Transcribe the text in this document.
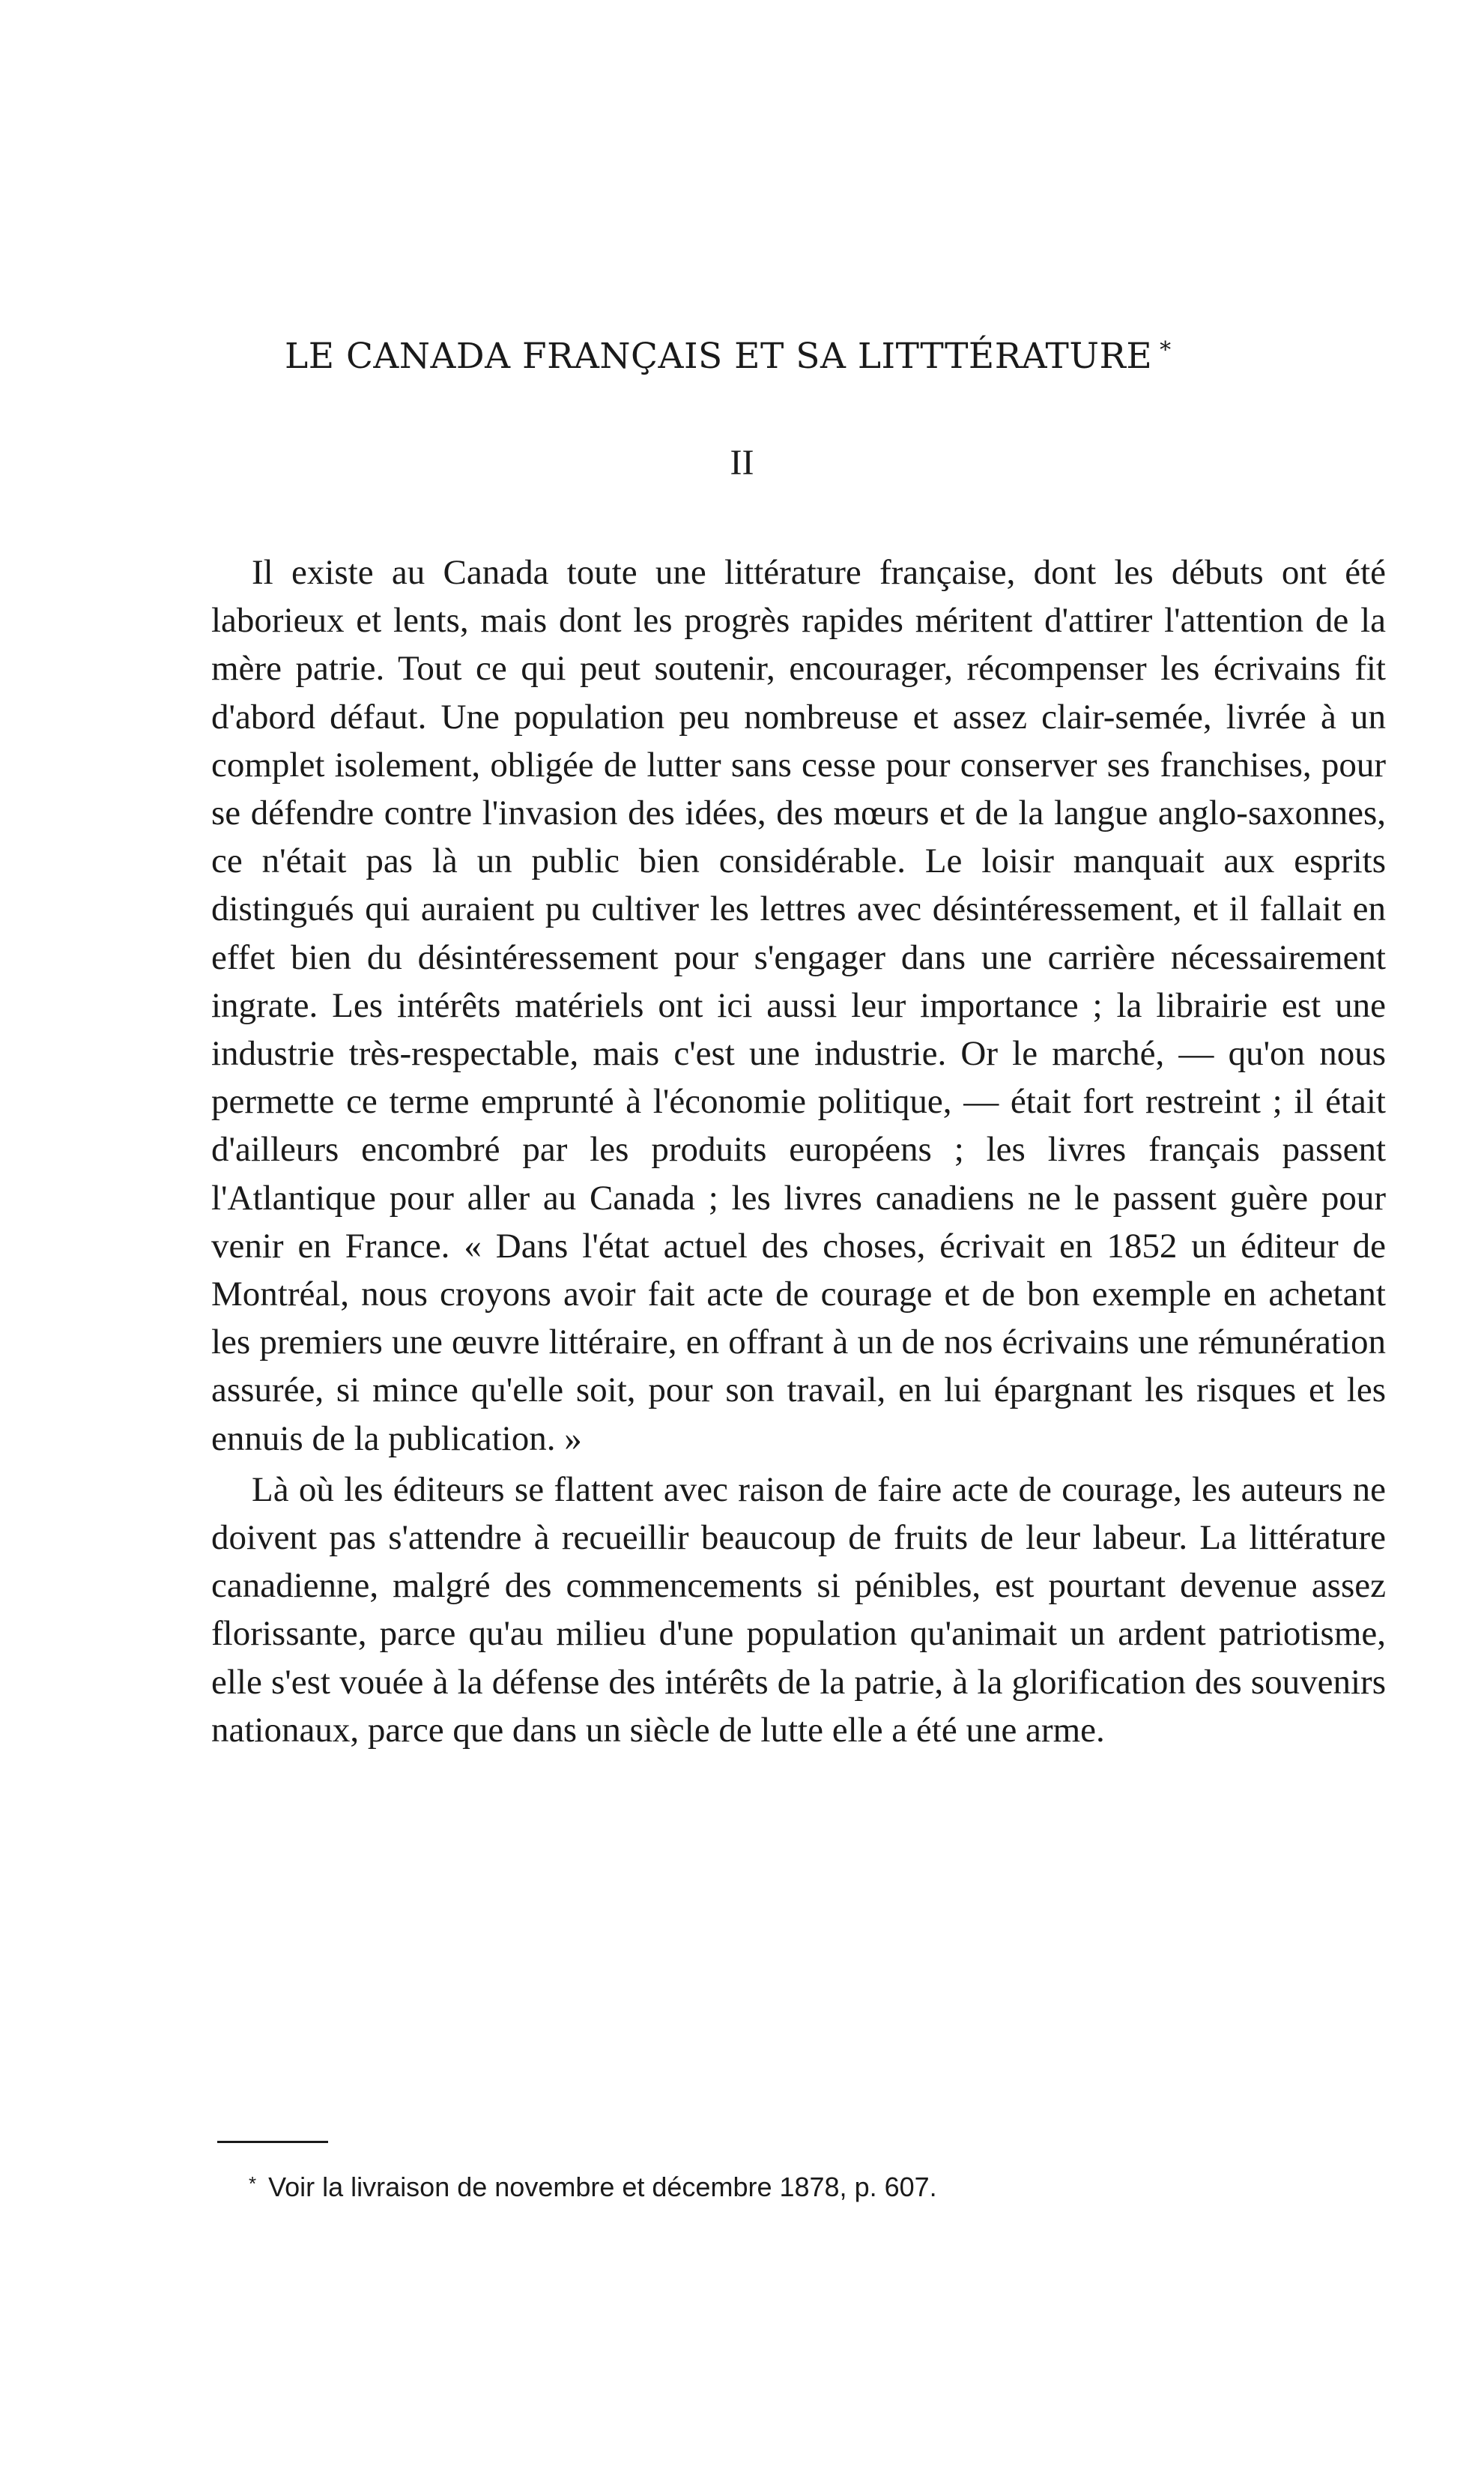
LE CANADA FRANÇAIS ET SA LITTTÉRATURE *
II

Il existe au Canada toute une littérature française, dont les débuts ont été laborieux et lents, mais dont les progrès rapides méritent d'attirer l'attention de la mère patrie. Tout ce qui peut soutenir, encourager, récompenser les écrivains fit d'abord défaut. Une population peu nombreuse et assez clair-semée, livrée à un complet isolement, obligée de lutter sans cesse pour conserver ses franchises, pour se défendre contre l'invasion des idées, des mœurs et de la langue anglo-saxonnes, ce n'était pas là un public bien considérable. Le loisir manquait aux esprits distingués qui auraient pu cultiver les lettres avec désintéressement, et il fallait en effet bien du désintéressement pour s'engager dans une carrière nécessairement ingrate. Les intérêts matériels ont ici aussi leur importance ; la librairie est une industrie très-respectable, mais c'est une industrie. Or le marché, — qu'on nous permette ce terme emprunté à l'économie politique, — était fort restreint ; il était d'ailleurs encombré par les produits européens ; les livres français passent l'Atlantique pour aller au Canada ; les livres canadiens ne le passent guère pour venir en France. « Dans l'état actuel des choses, écrivait en 1852 un éditeur de Montréal, nous croyons avoir fait acte de courage et de bon exemple en achetant les premiers une œuvre littéraire, en offrant à un de nos écrivains une rémunération assurée, si mince qu'elle soit, pour son travail, en lui épargnant les risques et les ennuis de la publication. »

Là où les éditeurs se flattent avec raison de faire acte de courage, les auteurs ne doivent pas s'attendre à recueillir beaucoup de fruits de leur labeur. La littérature canadienne, malgré des commencements si pénibles, est pourtant devenue assez florissante, parce qu'au milieu d'une population qu'animait un ardent patriotisme, elle s'est vouée à la défense des intérêts de la patrie, à la glorification des souvenirs nationaux, parce que dans un siècle de lutte elle a été une arme.

* Voir la livraison de novembre et décembre 1878, p. 607.
